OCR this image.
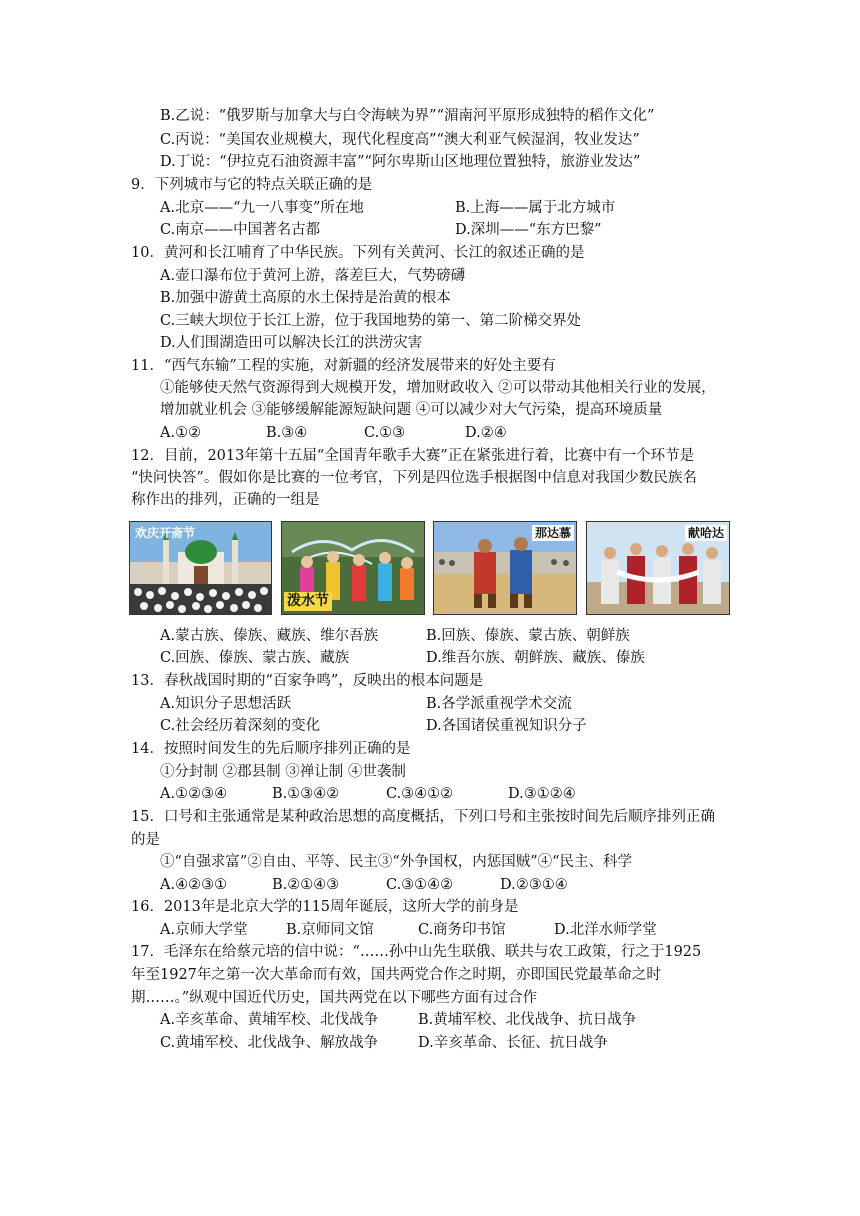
B.乙说：“俄罗斯与加拿大与白令海峡为界”“湄南河平原形成独特的稻作文化”
C.丙说：“美国农业规模大，现代化程度高”“澳大利亚气候湿润，牧业发达”
D.丁说：“伊拉克石油资源丰富”“阿尔卑斯山区地理位置独特，旅游业发达”
9．下列城市与它的特点关联正确的是
A.北京——“九一八事变”所在地	B.上海——属于北方城市
C.南京——中国著名古都	D.深圳——“东方巴黎”
10．黄河和长江哺育了中华民族。下列有关黄河、长江的叙述正确的是
A.壶口瀑布位于黄河上游，落差巨大，气势磅礴
B.加强中游黄土高原的水土保持是治黄的根本
C.三峡大坝位于长江上游，位于我国地势的第一、第二阶梯交界处
D.人们围湖造田可以解决长江的洪涝灾害
11．“西气东输”工程的实施，对新疆的经济发展带来的好处主要有
①能够使天然气资源得到大规模开发，增加财政收入 ②可以带动其他相关行业的发展，
增加就业机会 ③能够缓解能源短缺问题 ④可以减少对大气污染，提高环境质量
A.①②	B.③④	C.①③	D.②④
12．目前，2013年第十五届“全国青年歌手大赛”正在紧张进行着，比赛中有一个环节是
“快问快答”。假如你是比赛的一位考官，下列是四位选手根据图中信息对我国少数民族名
称作出的排列，正确的一组是
欢庆开斋节
泼水节
那达慕	献哈达
A.蒙古族、傣族、藏族、维尔吾族	B.回族、傣族、蒙古族、朝鲜族
C.回族、傣族、蒙古族、藏族	D.维吾尔族、朝鲜族、藏族、傣族
13．春秋战国时期的“百家争鸣”，反映出的根本问题是
A.知识分子思想活跃	B.各学派重视学术交流
C.社会经历着深刻的变化	D.各国诸侯重视知识分子
14．按照时间发生的先后顺序排列正确的是
①分封制 ②郡县制 ③禅让制 ④世袭制
A.①②③④	B.①③④②	C.③④①②	D.③①②④
15．口号和主张通常是某种政治思想的高度概括，下列口号和主张按时间先后顺序排列正确
的是
①“自强求富”②自由、平等、民主③“外争国权，内惩国贼”④“民主、科学
A.④②③①	B.②①④③	C.③①④②	D.②③①④
16．2013年是北京大学的115周年诞辰，这所大学的前身是
A.京师大学堂	B.京师同文馆	C.商务印书馆	D.北洋水师学堂
17．毛泽东在给蔡元培的信中说：“……孙中山先生联俄、联共与农工政策，行之于1925
年至1927年之第一次大革命而有效，国共两党合作之时期，亦即国民党最革命之时
期……。”纵观中国近代历史，国共两党在以下哪些方面有过合作
A.辛亥革命、黄埔军校、北伐战争	B.黄埔军校、北伐战争、抗日战争
C.黄埔军校、北伐战争、解放战争	D.辛亥革命、长征、抗日战争
